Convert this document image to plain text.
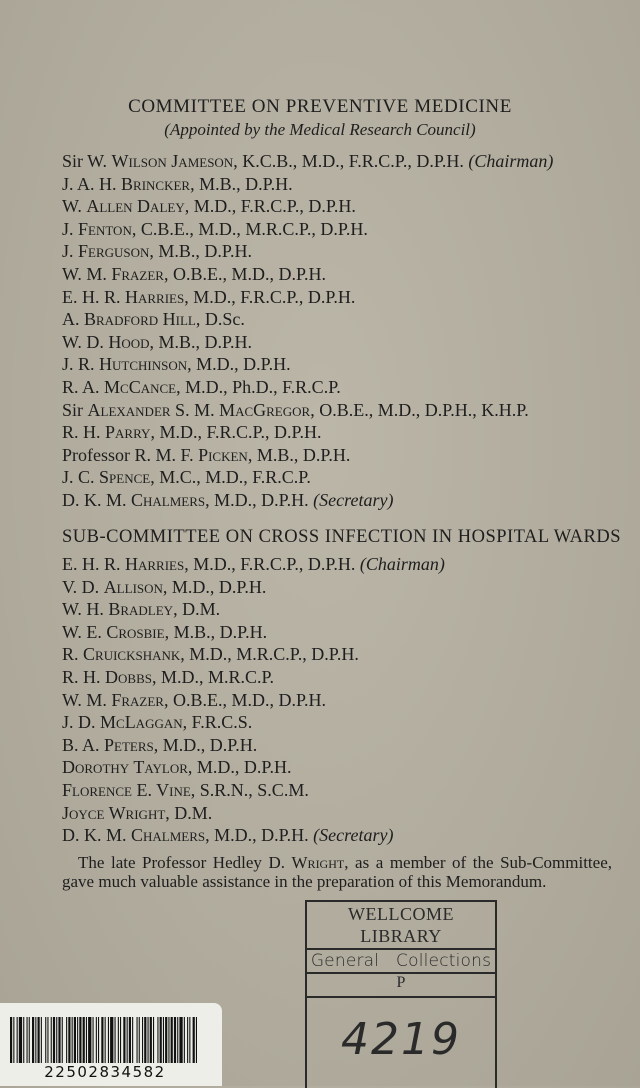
COMMITTEE ON PREVENTIVE MEDICINE
(Appointed by the Medical Research Council)
Sir W. Wilson Jameson, K.C.B., M.D., F.R.C.P., D.P.H. (Chairman)
J. A. H. Brincker, M.B., D.P.H.
W. Allen Daley, M.D., F.R.C.P., D.P.H.
J. Fenton, C.B.E., M.D., M.R.C.P., D.P.H.
J. Ferguson, M.B., D.P.H.
W. M. Frazer, O.B.E., M.D., D.P.H.
E. H. R. Harries, M.D., F.R.C.P., D.P.H.
A. Bradford Hill, D.Sc.
W. D. Hood, M.B., D.P.H.
J. R. Hutchinson, M.D., D.P.H.
R. A. McCance, M.D., Ph.D., F.R.C.P.
Sir Alexander S. M. MacGregor, O.B.E., M.D., D.P.H., K.H.P.
R. H. Parry, M.D., F.R.C.P., D.P.H.
Professor R. M. F. Picken, M.B., D.P.H.
J. C. Spence, M.C., M.D., F.R.C.P.
D. K. M. Chalmers, M.D., D.P.H. (Secretary)
SUB-COMMITTEE ON CROSS INFECTION IN HOSPITAL WARDS
E. H. R. Harries, M.D., F.R.C.P., D.P.H. (Chairman)
V. D. Allison, M.D., D.P.H.
W. H. Bradley, D.M.
W. E. Crosbie, M.B., D.P.H.
R. Cruickshank, M.D., M.R.C.P., D.P.H.
R. H. Dobbs, M.D., M.R.C.P.
W. M. Frazer, O.B.E., M.D., D.P.H.
J. D. McLaggan, F.R.C.S.
B. A. Peters, M.D., D.P.H.
Dorothy Taylor, M.D., D.P.H.
Florence E. Vine, S.R.N., S.C.M.
Joyce Wright, D.M.
D. K. M. Chalmers, M.D., D.P.H. (Secretary)

The late Professor Hedley D. Wright, as a member of the Sub-Committee, gave much valuable assistance in the preparation of this Memorandum.

WELLCOME
LIBRARY
General   Collections
P
4219
22502834582
